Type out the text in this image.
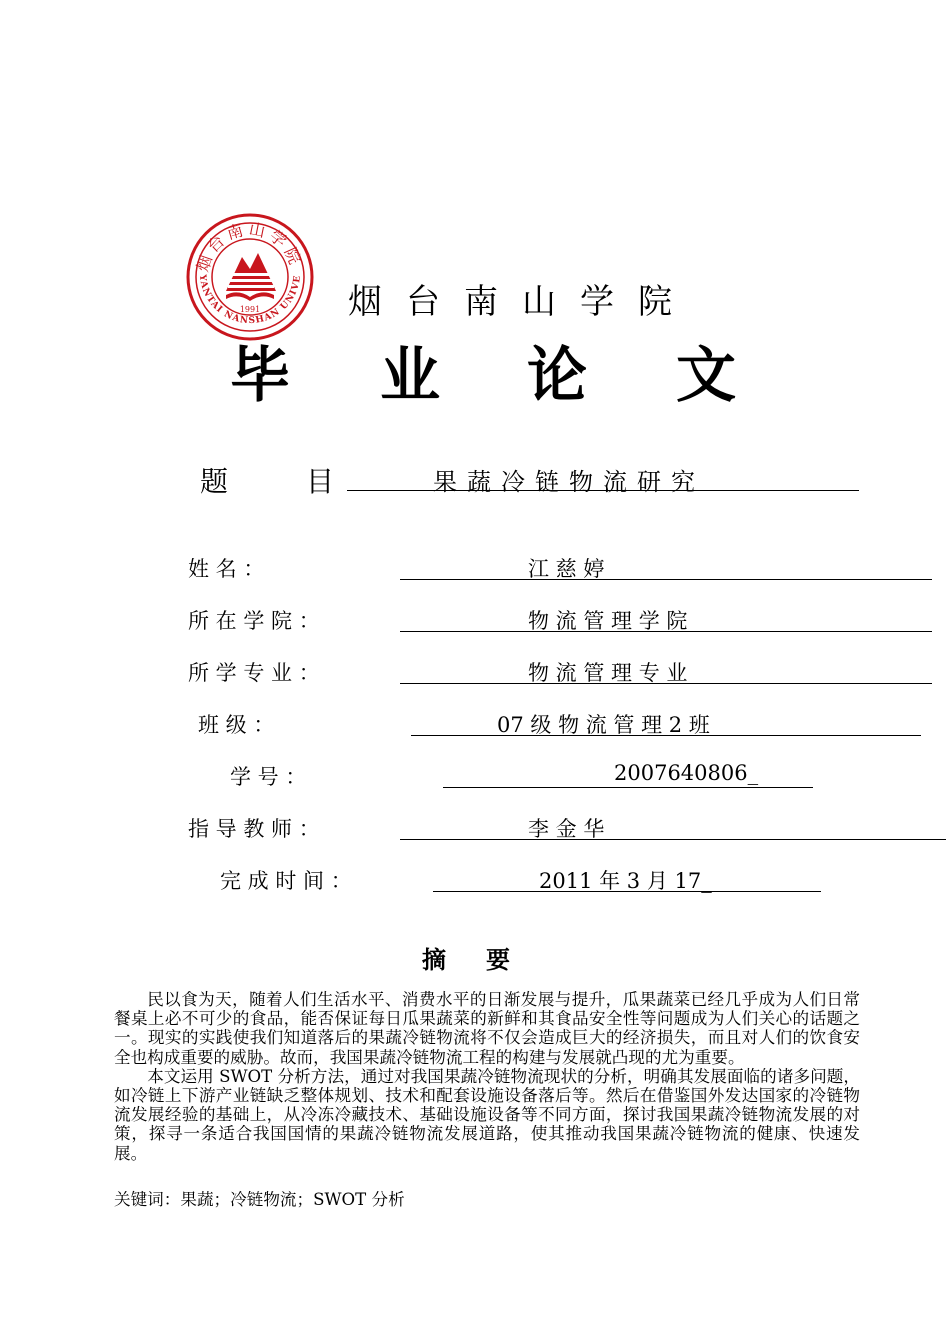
烟台南山学院
YANTAI NANSHAN UNIVE
1991	烟台南山学院
毕 业 论 文
题	目	果蔬冷链物流研究
姓 名 ：	江 慈 婷
所 在 学 院 ：	物 流 管 理 学 院
所 学 专 业 ：	物 流 管 理 专 业
班 级 ：	07 级 物 流 管 理 2 班
学 号 ：	2007640806_
指 导 教 师 ：	李 金 华
完 成 时 间 ：	2011 年 3 月 17_
摘要

民以食为天，随着人们生活水平、消费水平的日渐发展与提升，瓜果蔬菜已经几乎成为人们日常餐桌上必不可少的食品，能否保证每日瓜果蔬菜的新鲜和其食品安全性等问题成为人们关心的话题之一。现实的实践使我们知道落后的果蔬冷链物流将不仅会造成巨大的经济损失，而且对人们的饮食安全也构成重要的威胁。故而，我国果蔬冷链物流工程的构建与发展就凸现的尤为重要。

本文运用 SWOT 分析方法，通过对我国果蔬冷链物流现状的分析，明确其发展面临的诸多问题，如冷链上下游产业链缺乏整体规划、技术和配套设施设备落后等。然后在借鉴国外发达国家的冷链物流发展经验的基础上，从冷冻冷藏技术、基础设施设备等不同方面，探讨我国果蔬冷链物流发展的对策，探寻一条适合我国国情的果蔬冷链物流发展道路，使其推动我国果蔬冷链物流的健康、快速发展。

关键词：果蔬；冷链物流；SWOT 分析
